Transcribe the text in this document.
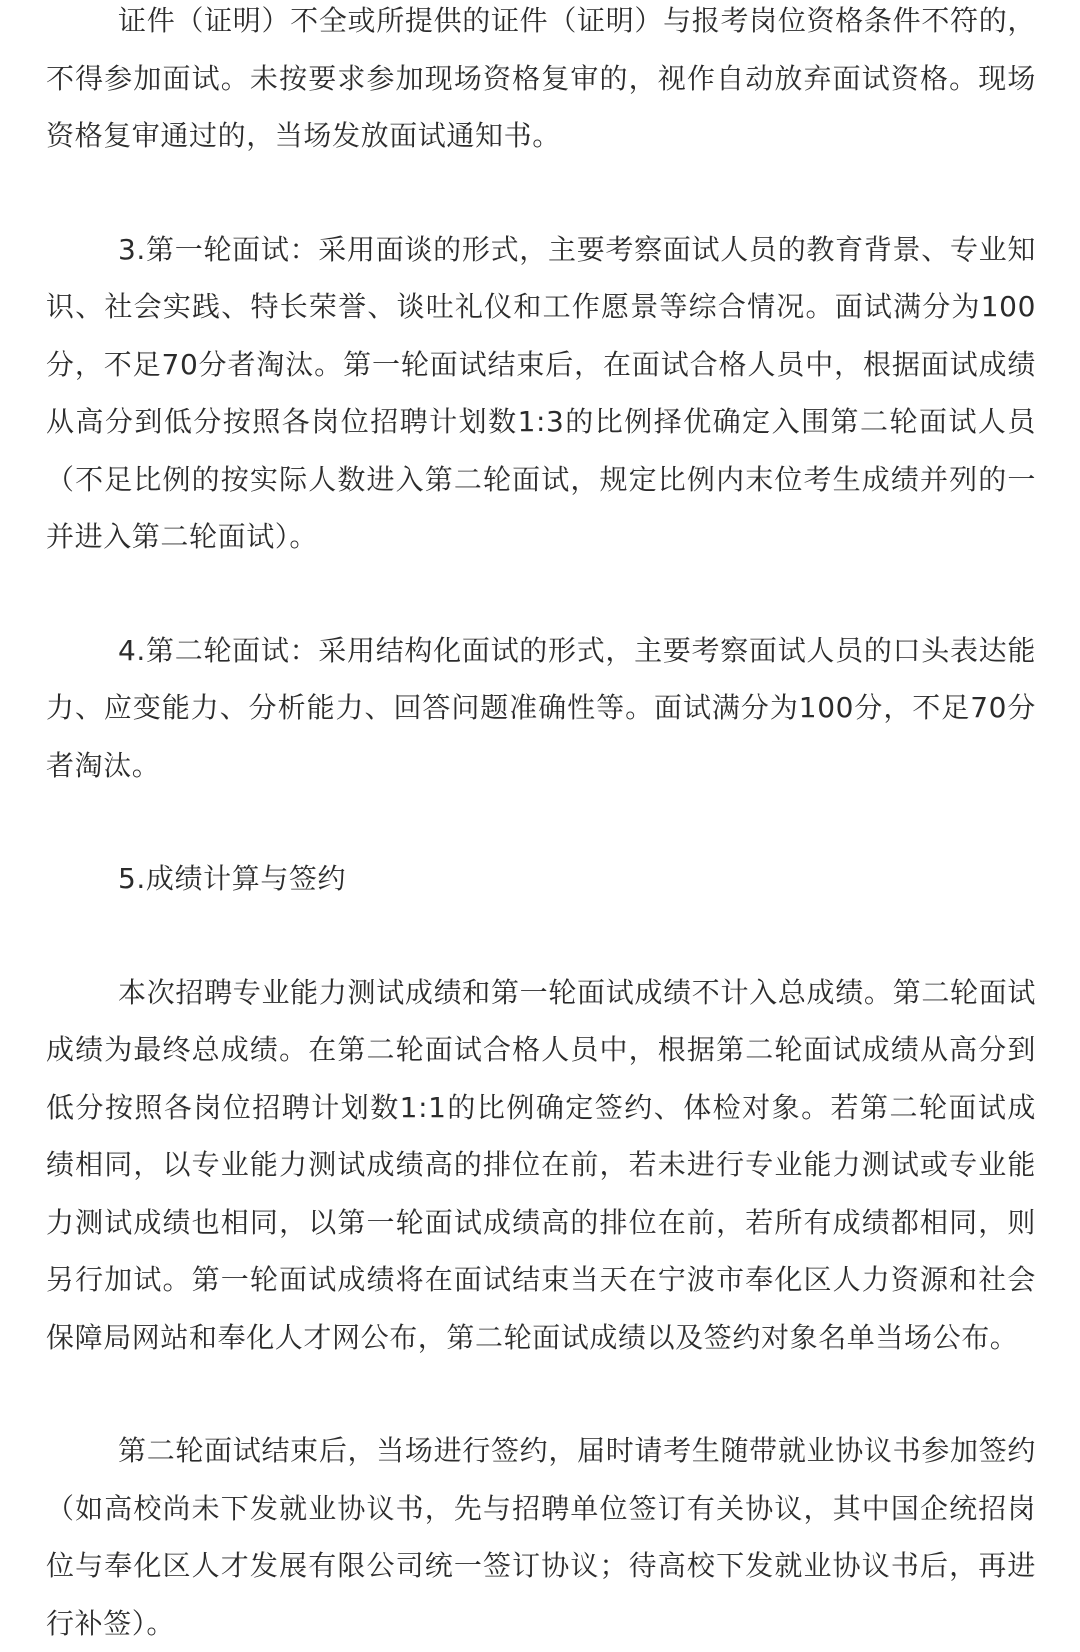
证件（证明）不全或所提供的证件（证明）与报考岗位资格条件不符的，不得参加面试。未按要求参加现场资格复审的，视作自动放弃面试资格。现场资格复审通过的，当场发放面试通知书。

3.第一轮面试：采用面谈的形式，主要考察面试人员的教育背景、专业知识、社会实践、特长荣誉、谈吐礼仪和工作愿景等综合情况。面试满分为100分，不足70分者淘汰。第一轮面试结束后，在面试合格人员中，根据面试成绩从高分到低分按照各岗位招聘计划数1:3的比例择优确定入围第二轮面试人员（不足比例的按实际人数进入第二轮面试，规定比例内末位考生成绩并列的一并进入第二轮面试）。

4.第二轮面试：采用结构化面试的形式，主要考察面试人员的口头表达能力、应变能力、分析能力、回答问题准确性等。面试满分为100分，不足70分者淘汰。

5.成绩计算与签约

本次招聘专业能力测试成绩和第一轮面试成绩不计入总成绩。第二轮面试成绩为最终总成绩。在第二轮面试合格人员中，根据第二轮面试成绩从高分到低分按照各岗位招聘计划数1:1的比例确定签约、体检对象。若第二轮面试成绩相同，以专业能力测试成绩高的排位在前，若未进行专业能力测试或专业能力测试成绩也相同，以第一轮面试成绩高的排位在前，若所有成绩都相同，则另行加试。第一轮面试成绩将在面试结束当天在宁波市奉化区人力资源和社会保障局网站和奉化人才网公布，第二轮面试成绩以及签约对象名单当场公布。

第二轮面试结束后，当场进行签约，届时请考生随带就业协议书参加签约（如高校尚未下发就业协议书，先与招聘单位签订有关协议，其中国企统招岗位与奉化区人才发展有限公司统一签订协议；待高校下发就业协议书后，再进行补签）。
